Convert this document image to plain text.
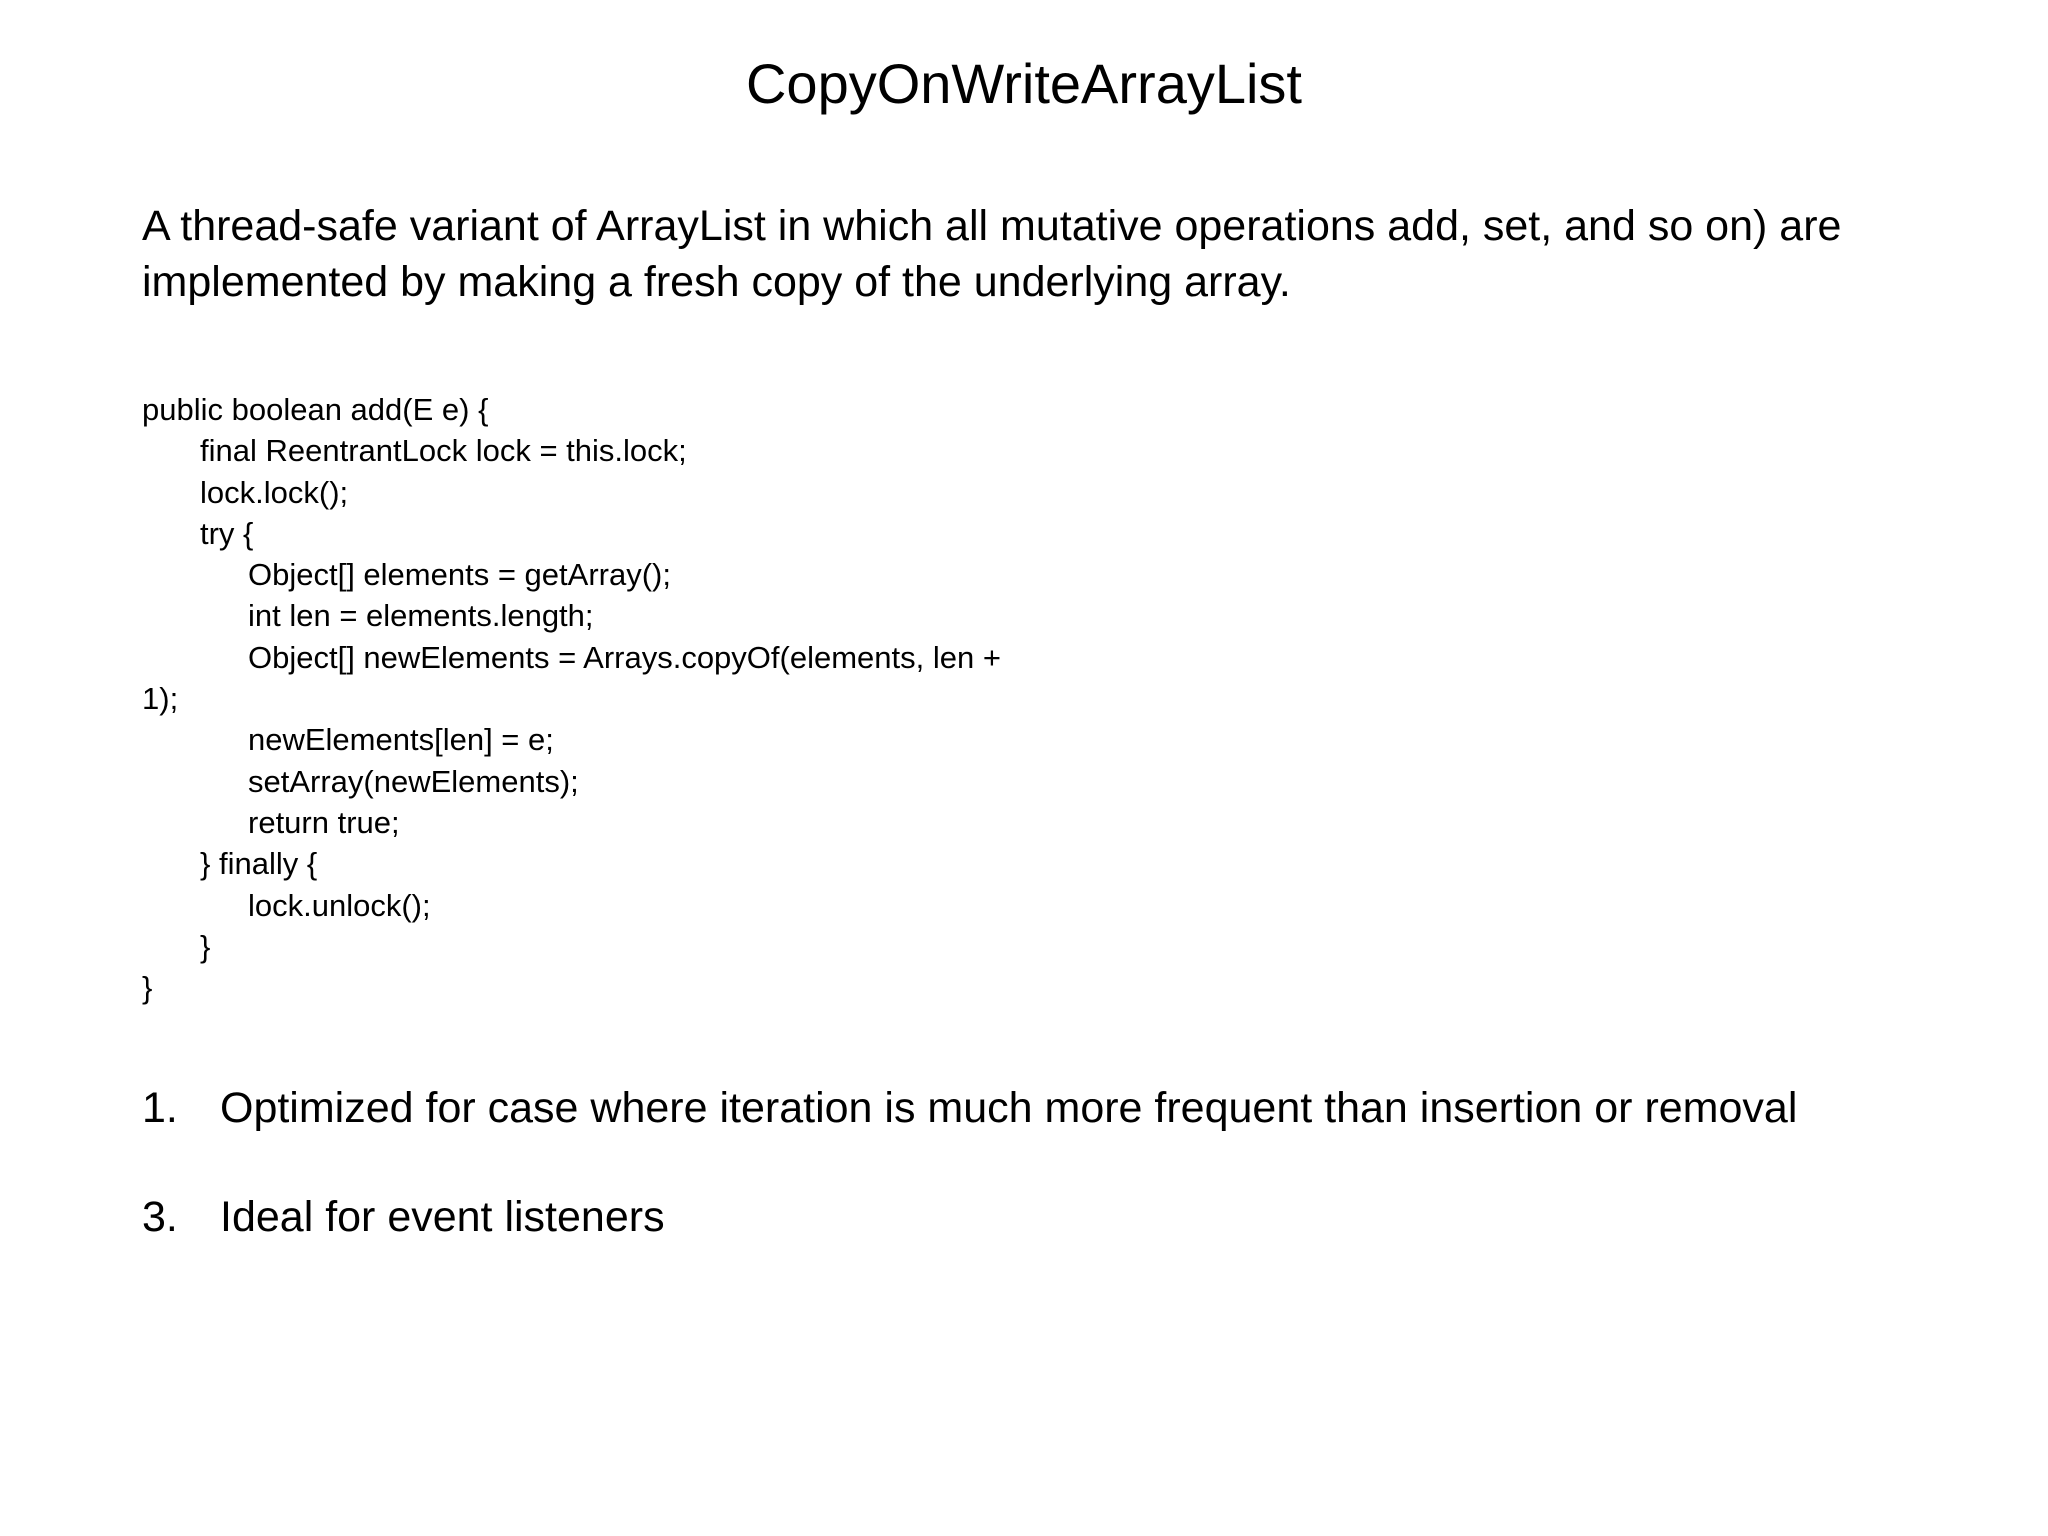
CopyOnWriteArrayList

A thread-safe variant of ArrayList in which all mutative operations add, set, and so on) are implemented by making a fresh copy of the underlying array.

public boolean add(E e) {
final ReentrantLock lock = this.lock;
lock.lock();
try {
Object[] elements = getArray();
int len = elements.length;
Object[] newElements = Arrays.copyOf(elements, len +
1);
newElements[len] = e;
setArray(newElements);
return true;
} finally {
lock.unlock();
}
}
1. Optimized for case where iteration is much more frequent than insertion or removal
3. Ideal for event listeners
